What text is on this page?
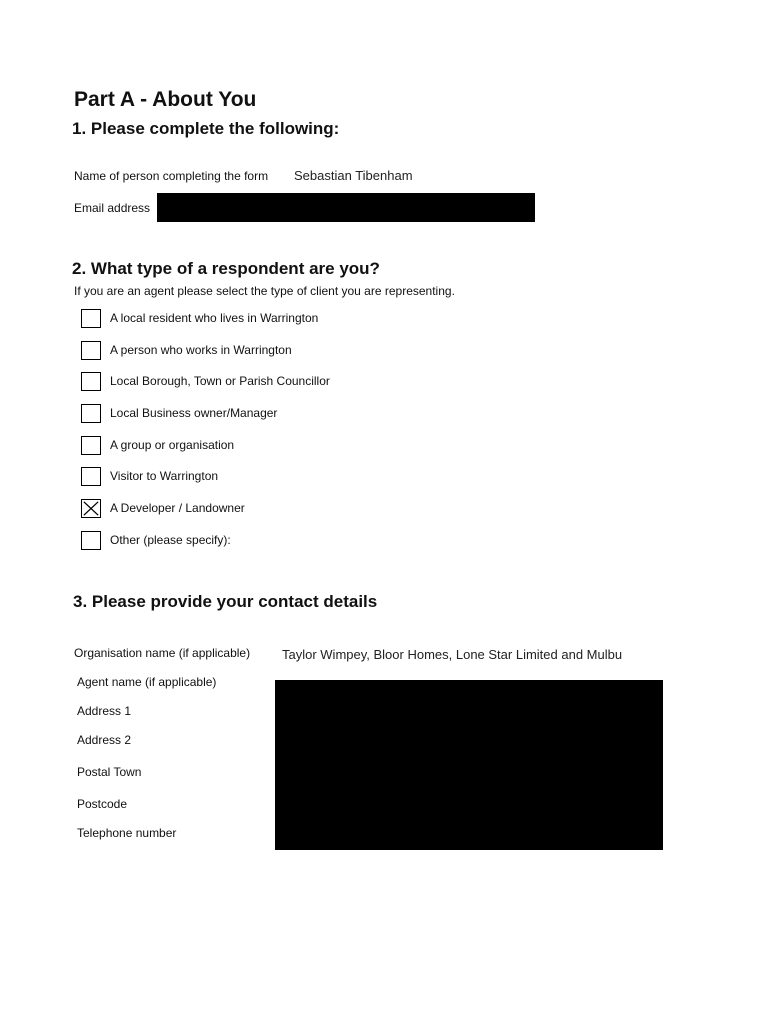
Part A - About You
1. Please complete the following:
Name of person completing the form Sebastian Tibenham
Email address
2. What type of a respondent are you?
If you are an agent please select the type of client you are representing.
A local resident who lives in Warrington
A person who works in Warrington
Local Borough, Town or Parish Councillor
Local Business owner/Manager
A group or organisation
Visitor to Warrington
A Developer / Landowner
Other (please specify):
3. Please provide your contact details
Organisation name (if applicable) Taylor Wimpey, Bloor Homes, Lone Star Limited and Mulbu
Agent name (if applicable)
Address 1
Address 2
Postal Town
Postcode
Telephone number
